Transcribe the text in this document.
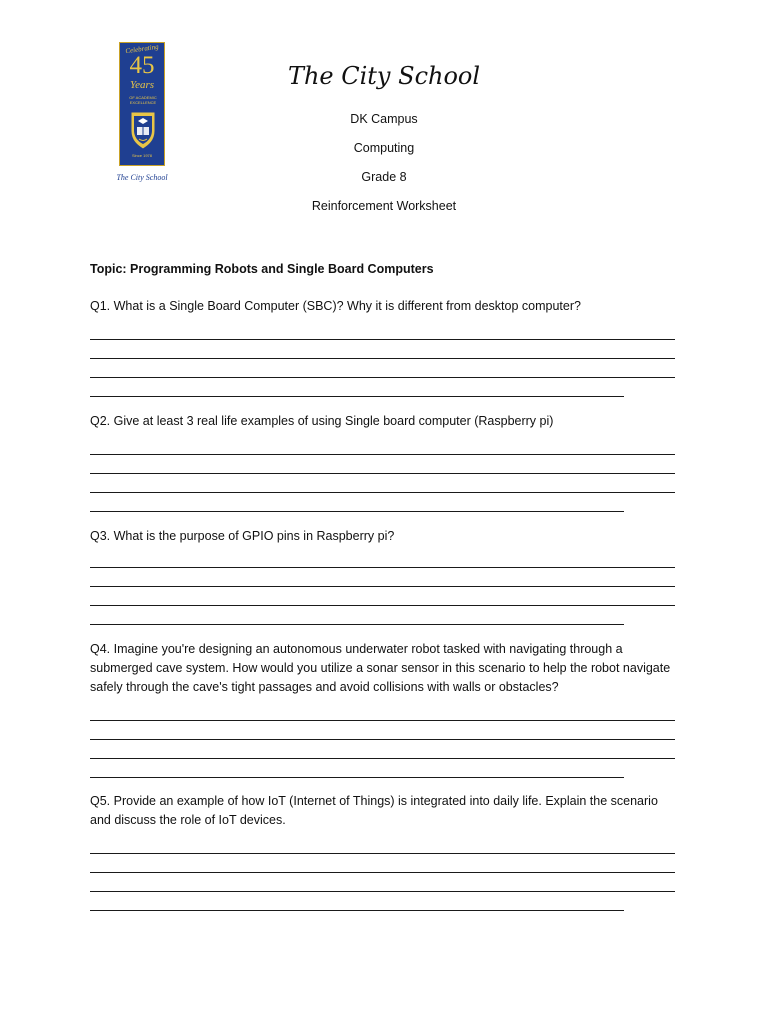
Celebrating
45
Years
OF ACADEMIC EXCELLENCE
Since 1978
The City School
The City School
DK Campus
Computing
Grade 8
Reinforcement Worksheet
Topic: Programming Robots and Single Board Computers
Q1. What is a Single Board Computer (SBC)? Why it is different from desktop computer?
Q2. Give at least 3 real life examples of using Single board computer (Raspberry pi)
Q3. What is the purpose of GPIO pins in Raspberry pi?
Q4. Imagine you're designing an autonomous underwater robot tasked with navigating through a submerged cave system. How would you utilize a sonar sensor in this scenario to help the robot navigate safely through the cave's tight passages and avoid collisions with walls or obstacles?
Q5. Provide an example of how IoT (Internet of Things) is integrated into daily life. Explain the scenario and discuss the role of IoT devices.
